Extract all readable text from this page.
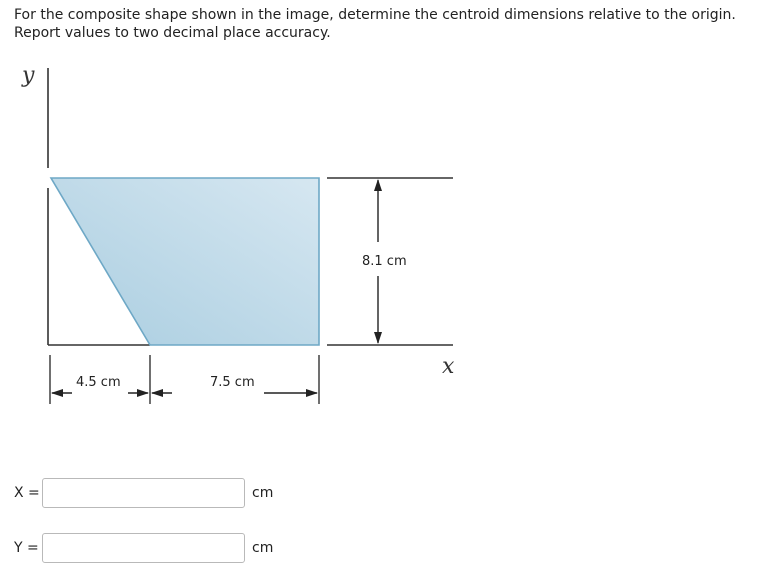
For the composite shape shown in the image, determine the centroid dimensions relative to the origin.
Report values to two decimal place accuracy.
y
8.1 cm
x
4.5 cm	7.5 cm
X =	cm
Y =	cm
